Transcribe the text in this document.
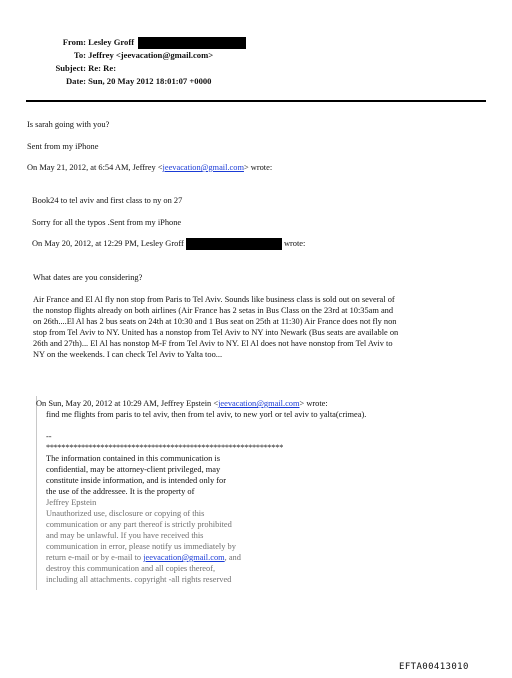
From: Lesley Groff
To: Jeffrey <jeevacation@gmail.com>
Subject: Re: Re:
Date: Sun, 20 May 2012 18:01:07 +0000
Is sarah going with you?
Sent from my iPhone
On May 21, 2012, at 6:54 AM, Jeffrey <jeevacation@gmail.com> wrote:
Book24 to tel aviv and first class to ny on 27
Sorry for all the typos .Sent from my iPhone
On May 20, 2012, at 12:29 PM, Lesley Groff	wrote:
What dates are you considering?
Air France and El Al fly non stop from Paris to Tel Aviv. Sounds like business class is sold out on several of
the nonstop flights already on both airlines (Air France has 2 setas in Bus Class on the 23rd at 10:35am and
on 26th....El Al has 2 bus seats on 24th at 10:30 and 1 Bus seat on 25th at 11:30) Air France does not fly non
stop from Tel Aviv to NY. United has a nonstop from Tel Aviv to NY into Newark (Bus seats are available on
26th and 27th)... El Al has nonstop M-F from Tel Aviv to NY. El Al does not have nonstop from Tel Aviv to
NY on the weekends. I can check Tel Aviv to Yalta too...
On Sun, May 20, 2012 at 10:29 AM, Jeffrey Epstein <jeevacation@gmail.com> wrote:
find me flights from paris to tel aviv, then from tel aviv, to new yorl or tel aviv to yalta(crimea).
--
*************************************************************
The information contained in this communication is
confidential, may be attorney-client privileged, may
constitute inside information, and is intended only for
the use of the addressee. It is the property of
Jeffrey Epstein
Unauthorized use, disclosure or copying of this
communication or any part thereof is strictly prohibited
and may be unlawful. If you have received this
communication in error, please notify us immediately by
return e-mail or by e-mail to jeevacation@gmail.com, and
destroy this communication and all copies thereof,
including all attachments. copyright -all rights reserved
EFTA00413010
